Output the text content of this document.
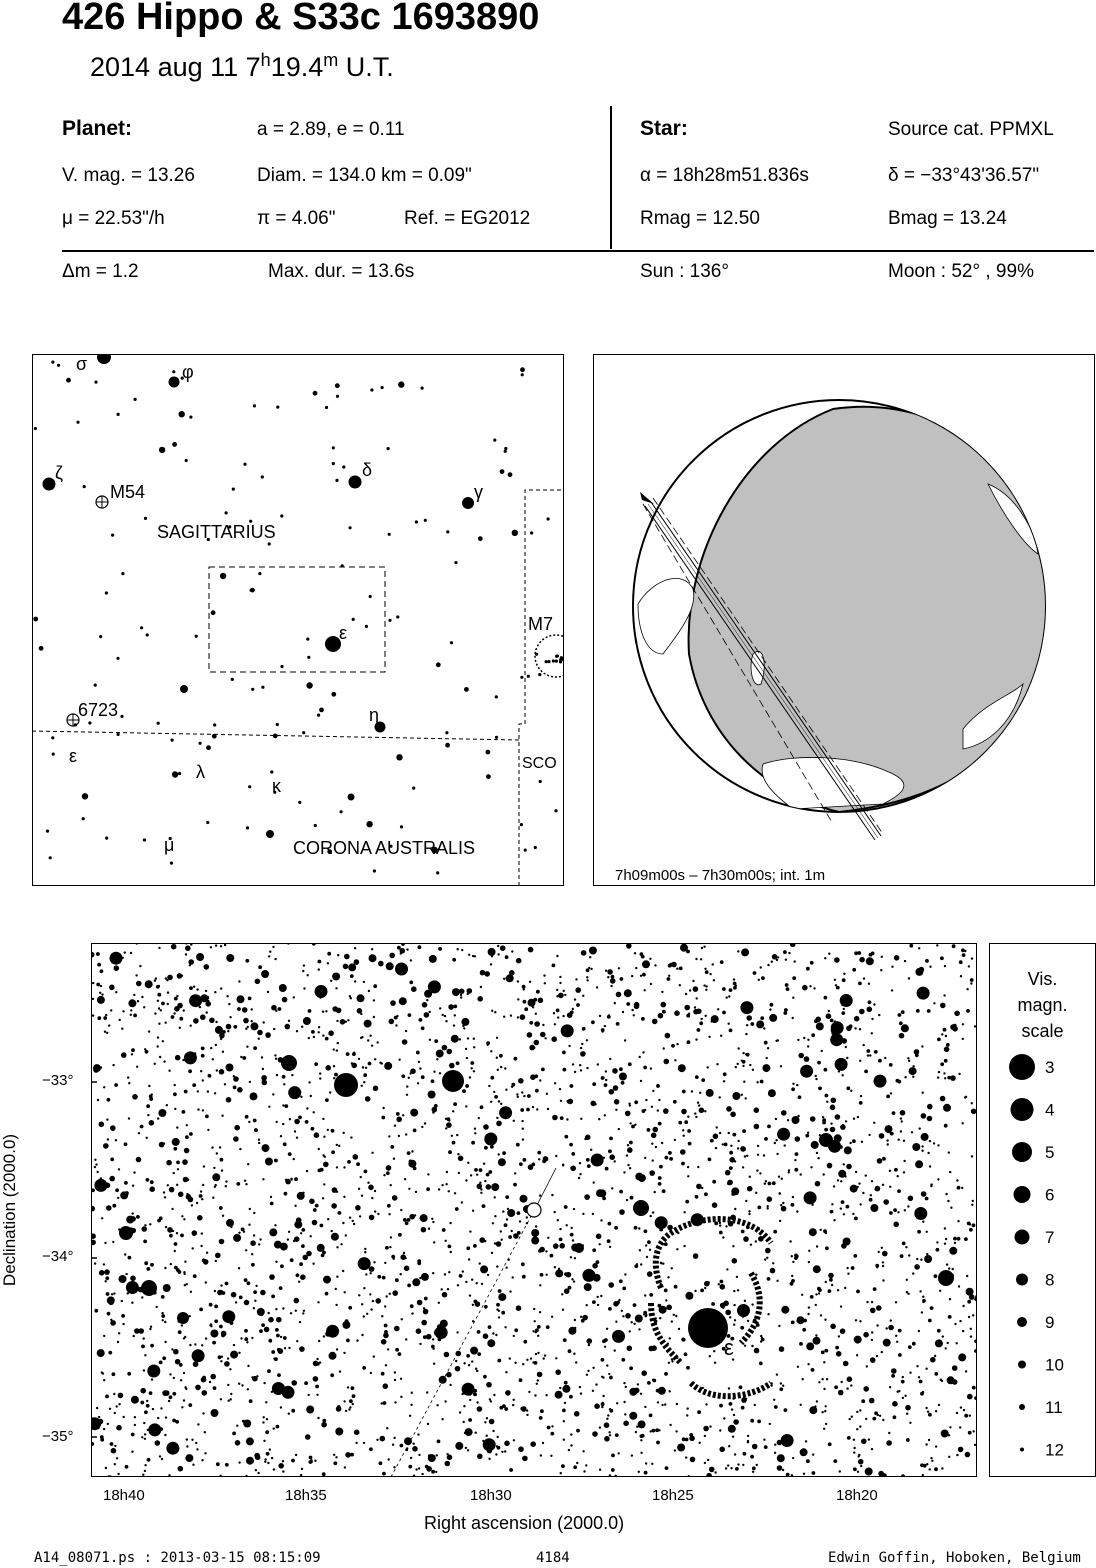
426 Hippo & S33c 1693890
2014 aug 11 7$^h$19.4$^m$ U.T.
Planet:	a = 2.89, e = 0.11
V. mag. = 13.26	Diam. = 134.0 km = 0.09"
μ = 22.53"/h	π = 4.06"	Ref. = EG2012
Star:	Source cat. PPMXL
α = 18h28m51.836s	δ = −33°43'36.57"
Rmag = 12.50	Bmag = 13.24
Δm = 1.2	Max. dur. = 13.6s	Sun : 136°	Moon : 52° , 99%
σ	φ
ζ	δ
γ
ε
η
ε
λ
κ
μ
M54
6723
M7
SAGITTARIUS
CORONA AUSTRALIS
SCO
7h09m00s – 7h30m00s; int. 1m
ε
−33°
−34°
−35°
18h40	18h35	18h30	18h25	18h20
Right ascension (2000.0)
Declination (2000.0)
Vis.
magn.
scale
3
4
5
6
7
8
9
10
11
12
A14_08071.ps : 2013-03-15 08:15:09	4184	Edwin Goffin, Hoboken, Belgium
